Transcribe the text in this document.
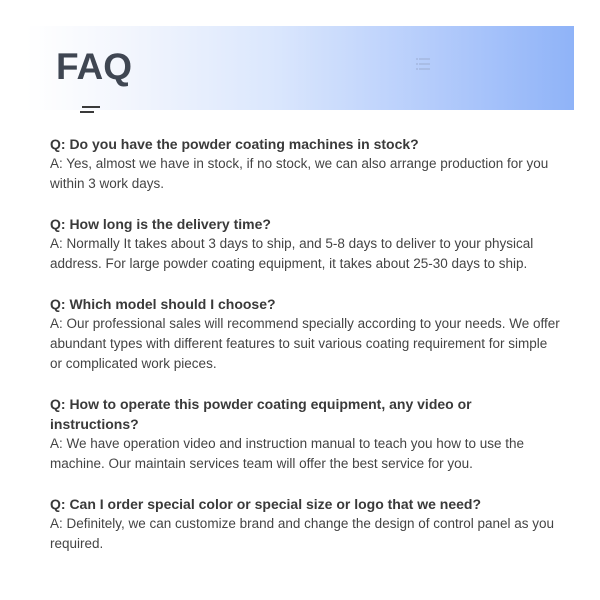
FAQ
Q: Do you have the powder coating machines in stock?
A: Yes, almost we have in stock, if no stock, we can also arrange production for you within 3 work days.
Q: How long is the delivery time?
A: Normally It takes about 3 days to ship, and 5-8 days to deliver to your physical address. For large powder coating equipment, it takes about 25-30 days to ship.
Q: Which model should I choose?
A: Our professional sales will recommend specially according to your needs. We offer abundant types with different features to suit various coating requirement for simple or complicated work pieces.
Q: How to operate this powder coating equipment, any video or instructions?
A: We have operation video and instruction manual to teach you how to use the machine. Our maintain services team will offer the best service for you.
Q: Can I order special color or special size or logo that we need?
A: Definitely, we can customize brand and change the design of control panel as you required.
